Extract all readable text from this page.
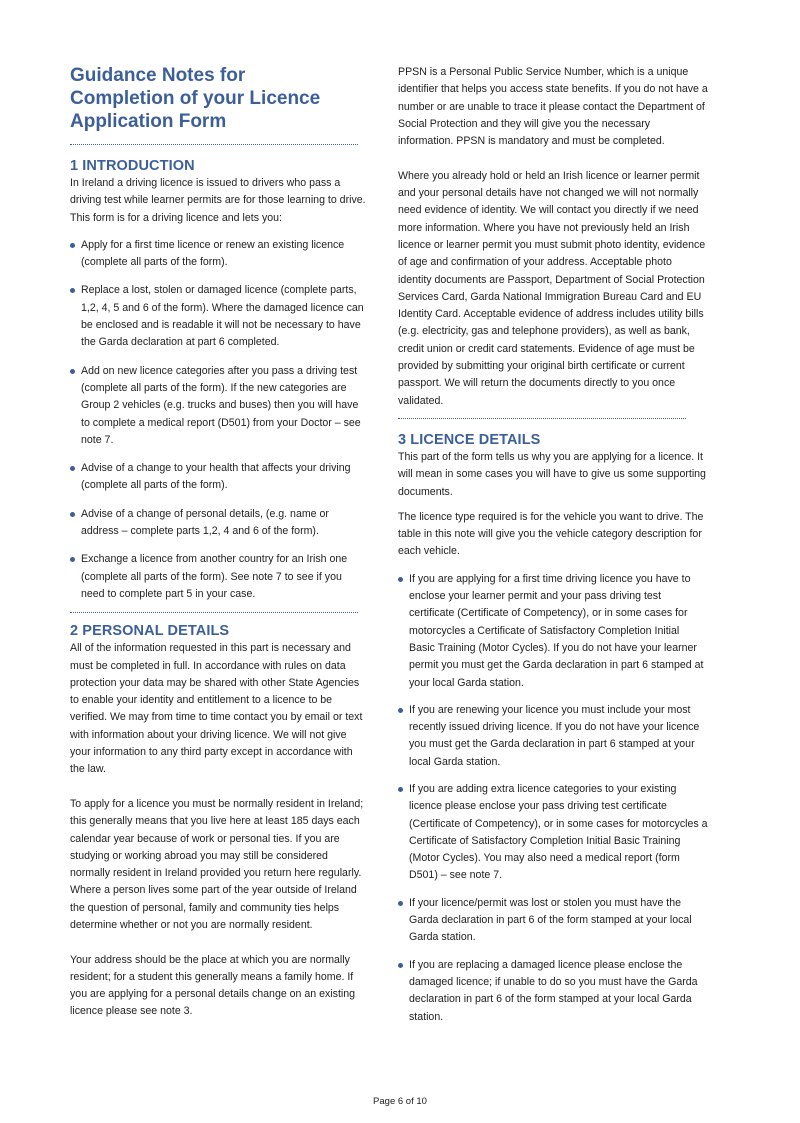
Guidance Notes for
Completion of your Licence
Application Form
1 INTRODUCTION

In Ireland a driving licence is issued to drivers who pass a driving test while learner permits are for those learning to drive. This form is for a driving licence and lets you:

Apply for a first time licence or renew an existing licence (complete all parts of the form).
Replace a lost, stolen or damaged licence (complete parts, 1,2, 4, 5 and 6 of the form). Where the damaged licence can be enclosed and is readable it will not be necessary to have the Garda declaration at part 6 completed.
Add on new licence categories after you pass a driving test (complete all parts of the form). If the new categories are Group 2 vehicles (e.g. trucks and buses) then you will have to complete a medical report (D501) from your Doctor – see note 7.
Advise of a change to your health that affects your driving (complete all parts of the form).
Advise of a change of personal details, (e.g. name or address – complete parts 1,2, 4 and 6 of the form).
Exchange a licence from another country for an Irish one (complete all parts of the form). See note 7 to see if you need to complete part 5 in your case.
2 PERSONAL DETAILS

All of the information requested in this part is necessary and must be completed in full. In accordance with rules on data protection your data may be shared with other State Agencies to enable your identity and entitlement to a licence to be verified. We may from time to time contact you by email or text with information about your driving licence. We will not give your information to any third party except in accordance with the law.

To apply for a licence you must be normally resident in Ireland; this generally means that you live here at least 185 days each calendar year because of work or personal ties. If you are studying or working abroad you may still be considered normally resident in Ireland provided you return here regularly. Where a person lives some part of the year outside of Ireland the question of personal, family and community ties helps determine whether or not you are normally resident.

Your address should be the place at which you are normally resident; for a student this generally means a family home. If you are applying for a personal details change on an existing licence please see note 3.

PPSN is a Personal Public Service Number, which is a unique identifier that helps you access state benefits. If you do not have a number or are unable to trace it please contact the Department of Social Protection and they will give you the necessary information. PPSN is mandatory and must be completed.

Where you already hold or held an Irish licence or learner permit and your personal details have not changed we will not normally need evidence of identity. We will contact you directly if we need more information. Where you have not previously held an Irish licence or learner permit you must submit photo identity, evidence of age and confirmation of your address. Acceptable photo identity documents are Passport, Department of Social Protection Services Card, Garda National Immigration Bureau Card and EU Identity Card. Acceptable evidence of address includes utility bills (e.g. electricity, gas and telephone providers), as well as bank, credit union or credit card statements. Evidence of age must be provided by submitting your original birth certificate or current passport. We will return the documents directly to you once validated.

3 LICENCE DETAILS

This part of the form tells us why you are applying for a licence. It will mean in some cases you will have to give us some supporting documents.

The licence type required is for the vehicle you want to drive. The table in this note will give you the vehicle category description for each vehicle.

If you are applying for a first time driving licence you have to enclose your learner permit and your pass driving test certificate (Certificate of Competency), or in some cases for motorcycles a Certificate of Satisfactory Completion Initial Basic Training (Motor Cycles). If you do not have your learner permit you must get the Garda declaration in part 6 stamped at your local Garda station.
If you are renewing your licence you must include your most recently issued driving licence. If you do not have your licence you must get the Garda declaration in part 6 stamped at your local Garda station.
If you are adding extra licence categories to your existing licence please enclose your pass driving test certificate (Certificate of Competency), or in some cases for motorcycles a Certificate of Satisfactory Completion Initial Basic Training (Motor Cycles). You may also need a medical report (form D501) – see note 7.
If your licence/permit was lost or stolen you must have the Garda declaration in part 6 of the form stamped at your local Garda station.
If you are replacing a damaged licence please enclose the damaged licence; if unable to do so you must have the Garda declaration in part 6 of the form stamped at your local Garda station.
Page 6 of 10
